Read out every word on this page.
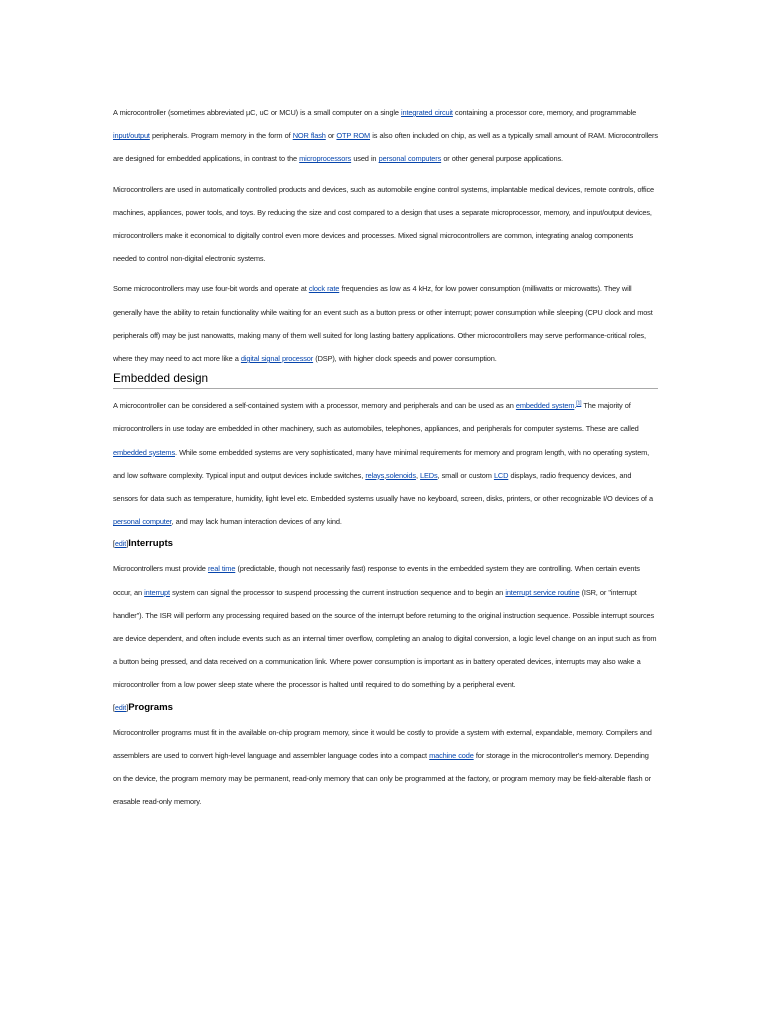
A microcontroller (sometimes abbreviated µC, uC or MCU) is a small computer on a single integrated circuit containing a processor core, memory, and programmable input/output peripherals. Program memory in the form of NOR flash or OTP ROM is also often included on chip, as well as a typically small amount of RAM. Microcontrollers are designed for embedded applications, in contrast to the microprocessors used in personal computers or other general purpose applications.

Microcontrollers are used in automatically controlled products and devices, such as automobile engine control systems, implantable medical devices, remote controls, office machines, appliances, power tools, and toys. By reducing the size and cost compared to a design that uses a separate microprocessor, memory, and input/output devices, microcontrollers make it economical to digitally control even more devices and processes. Mixed signal microcontrollers are common, integrating analog components needed to control non-digital electronic systems.

Some microcontrollers may use four-bit words and operate at clock rate frequencies as low as 4 kHz, for low power consumption (milliwatts or microwatts). They will generally have the ability to retain functionality while waiting for an event such as a button press or other interrupt; power consumption while sleeping (CPU clock and most peripherals off) may be just nanowatts, making many of them well suited for long lasting battery applications. Other microcontrollers may serve performance-critical roles, where they may need to act more like a digital signal processor (DSP), with higher clock speeds and power consumption.

Embedded design

A microcontroller can be considered a self-contained system with a processor, memory and peripherals and can be used as an embedded system.[1] The majority of microcontrollers in use today are embedded in other machinery, such as automobiles, telephones, appliances, and peripherals for computer systems. These are called embedded systems. While some embedded systems are very sophisticated, many have minimal requirements for memory and program length, with no operating system, and low software complexity. Typical input and output devices include switches, relays,solenoids, LEDs, small or custom LCD displays, radio frequency devices, and sensors for data such as temperature, humidity, light level etc. Embedded systems usually have no keyboard, screen, disks, printers, or other recognizable I/O devices of a personal computer, and may lack human interaction devices of any kind.

[edit]Interrupts

Microcontrollers must provide real time (predictable, though not necessarily fast) response to events in the embedded system they are controlling. When certain events occur, an interrupt system can signal the processor to suspend processing the current instruction sequence and to begin an interrupt service routine (ISR, or "interrupt handler"). The ISR will perform any processing required based on the source of the interrupt before returning to the original instruction sequence. Possible interrupt sources are device dependent, and often include events such as an internal timer overflow, completing an analog to digital conversion, a logic level change on an input such as from a button being pressed, and data received on a communication link. Where power consumption is important as in battery operated devices, interrupts may also wake a microcontroller from a low power sleep state where the processor is halted until required to do something by a peripheral event.

[edit]Programs

Microcontroller programs must fit in the available on-chip program memory, since it would be costly to provide a system with external, expandable, memory. Compilers and assemblers are used to convert high-level language and assembler language codes into a compact machine code for storage in the microcontroller's memory. Depending on the device, the program memory may be permanent, read-only memory that can only be programmed at the factory, or program memory may be field-alterable flash or erasable read-only memory.
